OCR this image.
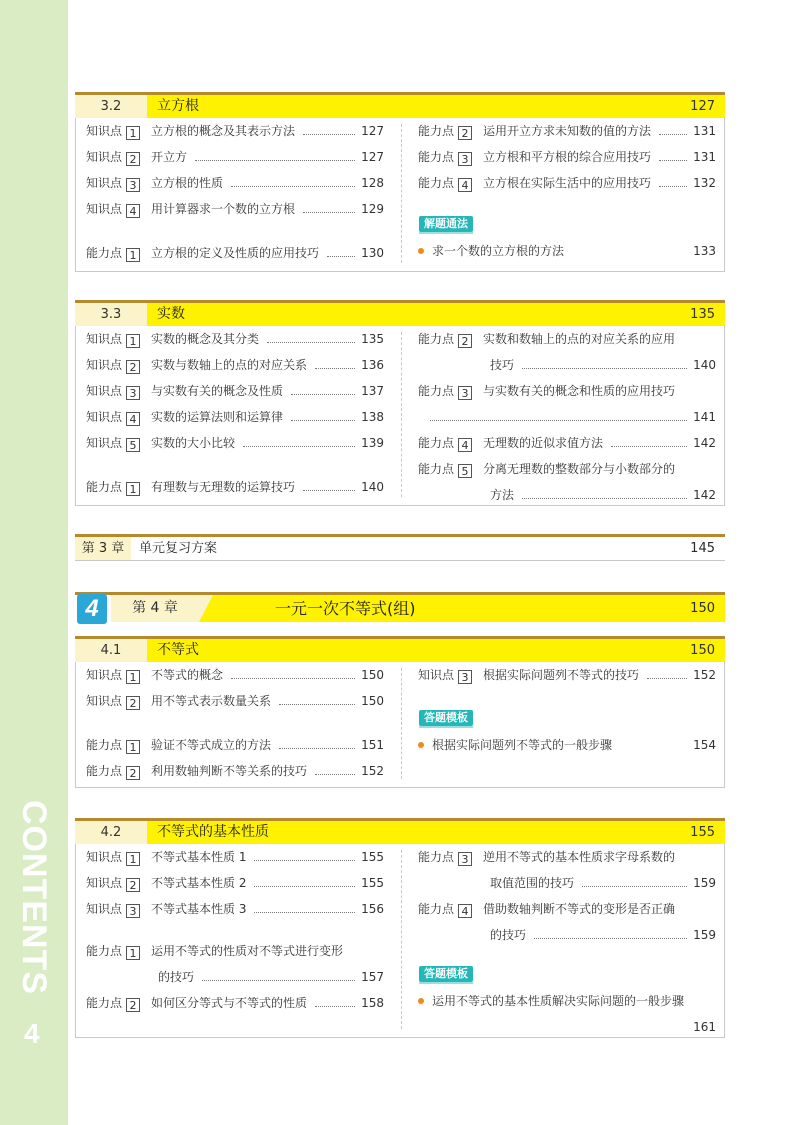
CONTENTS
4
3.2	立方根	127
知识点 1 立方根的概念及其表示方法	127
知识点 2 开立方	127
知识点 3 立方根的性质	128
知识点 4 用计算器求一个数的立方根	129
能力点 1 立方根的定义及性质的应用技巧	130
能力点 2 运用开立方求未知数的值的方法	131
能力点 3 立方根和平方根的综合应用技巧	131
能力点 4 立方根在实际生活中的应用技巧	132
解题通法
求一个数的立方根的方法	133
3.3	实数	135
知识点 1 实数的概念及其分类	135
知识点 2 实数与数轴上的点的对应关系	136
知识点 3 与实数有关的概念及性质	137
知识点 4 实数的运算法则和运算律	138
知识点 5 实数的大小比较	139
能力点 1 有理数与无理数的运算技巧	140
能力点 2 实数和数轴上的点的对应关系的应用
技巧	140
能力点 3 与实数有关的概念和性质的应用技巧
141
能力点 4 无理数的近似求值方法	142
能力点 5 分离无理数的整数部分与小数部分的
方法	142
第 3 章	单元复习方案	145
4	第 4 章	一元一次不等式(组)	150
4.1	不等式	150
知识点 1 不等式的概念	150
知识点 2 用不等式表示数量关系	150
能力点 1 验证不等式成立的方法	151
能力点 2 利用数轴判断不等关系的技巧	152
知识点 3 根据实际问题列不等式的技巧	152
答题模板
根据实际问题列不等式的一般步骤	154
4.2	不等式的基本性质	155
知识点 1 不等式基本性质 1	155
知识点 2 不等式基本性质 2	155
知识点 3 不等式基本性质 3	156
能力点 1 运用不等式的性质对不等式进行变形
的技巧	157
能力点 2 如何区分等式与不等式的性质	158
能力点 3 逆用不等式的基本性质求字母系数的
取值范围的技巧	159
能力点 4 借助数轴判断不等式的变形是否正确
的技巧	159
答题模板
运用不等式的基本性质解决实际问题的一般步骤
161
